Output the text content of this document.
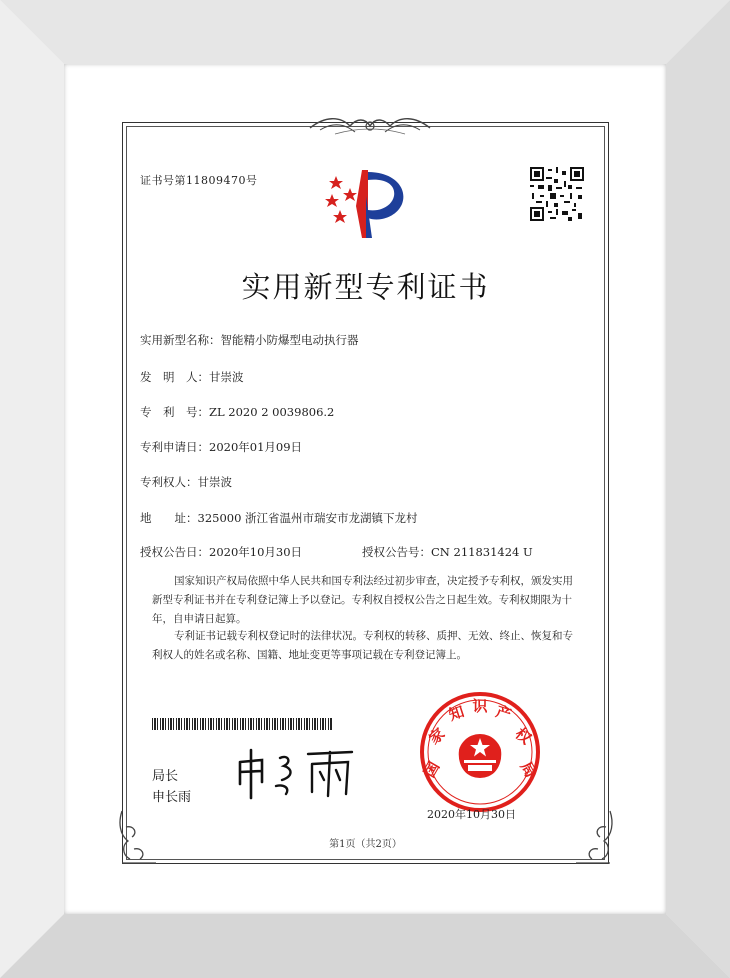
证书号第11809470号
实用新型专利证书
实用新型名称：智能精小防爆型电动执行器
发　明　人：甘崇波
专　利　号：ZL 2020 2 0039806.2
专利申请日：2020年01月09日
专利权人：甘崇波
地　　址：325000 浙江省温州市瑞安市龙湖镇下龙村
授权公告日：2020年10月30日	授权公告号：CN 211831424 U
国家知识产权局依照中华人民共和国专利法经过初步审查，决定授予专利权，颁发实用新型专利证书并在专利登记簿上予以登记。专利权自授权公告之日起生效。专利权期限为十年，自申请日起算。
专利证书记载专利权登记时的法律状况。专利权的转移、质押、无效、终止、恢复和专利权人的姓名或名称、国籍、地址变更等事项记载在专利登记簿上。
局长
申长雨
国
家
知 识 产
权
局
2020年10月30日
第1页（共2页）
